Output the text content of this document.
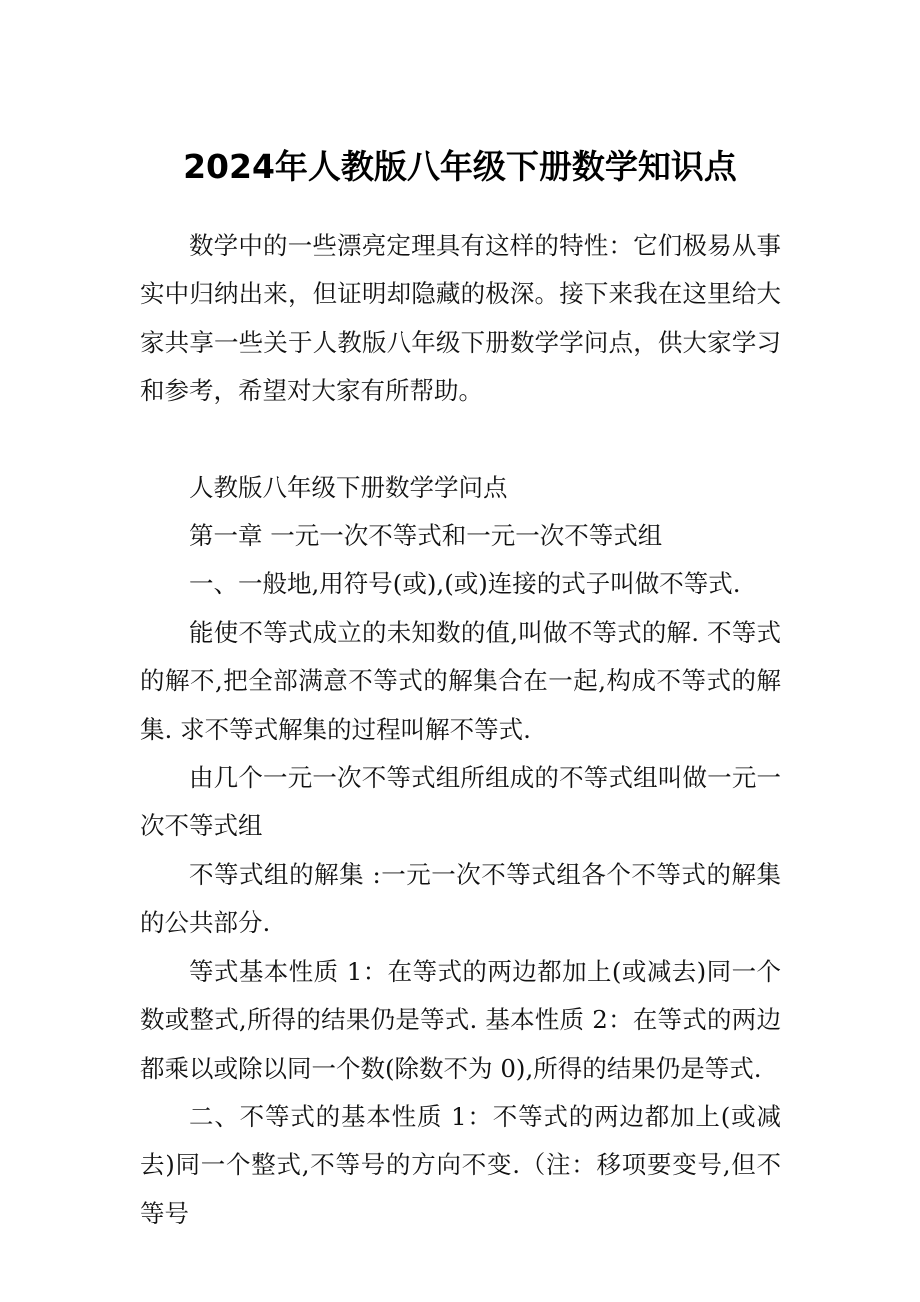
2024年人教版八年级下册数学知识点

数学中的一些漂亮定理具有这样的特性：它们极易从事实中归纳出来，但证明却隐藏的极深。接下来我在这里给大家共享一些关于人教版八年级下册数学学问点，供大家学习和参考，希望对大家有所帮助。

人教版八年级下册数学学问点

第一章 一元一次不等式和一元一次不等式组

一、一般地,用符号(或),(或)连接的式子叫做不等式.

能使不等式成立的未知数的值,叫做不等式的解. 不等式的解不,把全部满意不等式的解集合在一起,构成不等式的解集. 求不等式解集的过程叫解不等式.

由几个一元一次不等式组所组成的不等式组叫做一元一次不等式组

不等式组的解集 :一元一次不等式组各个不等式的解集的公共部分.

等式基本性质 1：在等式的两边都加上(或减去)同一个数或整式,所得的结果仍是等式. 基本性质 2：在等式的两边都乘以或除以同一个数(除数不为 0),所得的结果仍是等式.

二、不等式的基本性质 1：不等式的两边都加上(或减去)同一个整式,不等号的方向不变.（注：移项要变号,但不等号
